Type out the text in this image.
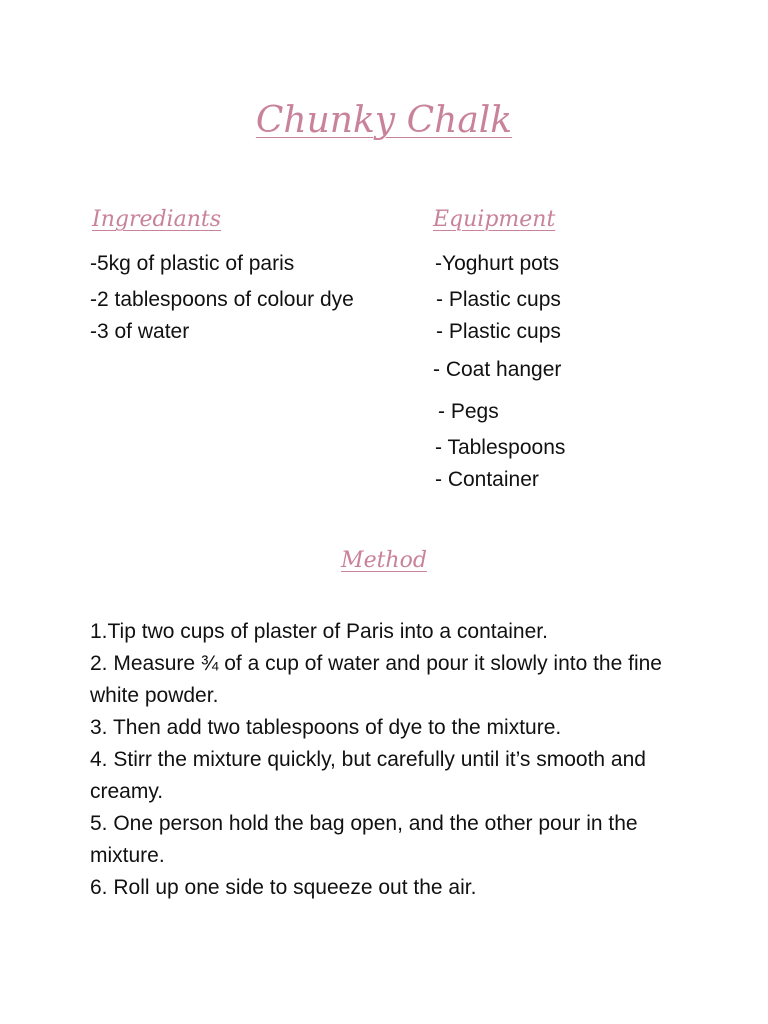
Chunky Chalk
Ingrediants	Equipment

-5kg of plastic of paris

-2 tablespoons of colour dye

-3 of water

-Yoghurt pots

- Plastic cups

- Plastic cups

- Coat hanger

- Pegs

- Tablespoons

- Container

Method

1.Tip two cups of plaster of Paris into a container.

2. Measure ¾ of a cup of water and pour it slowly into the fine white powder.

3. Then add two tablespoons of dye to the mixture.

4. Stirr the mixture quickly, but carefully until it’s smooth and creamy.

5. One person hold the bag open, and the other pour in the mixture.

6. Roll up one side to squeeze out the air.
